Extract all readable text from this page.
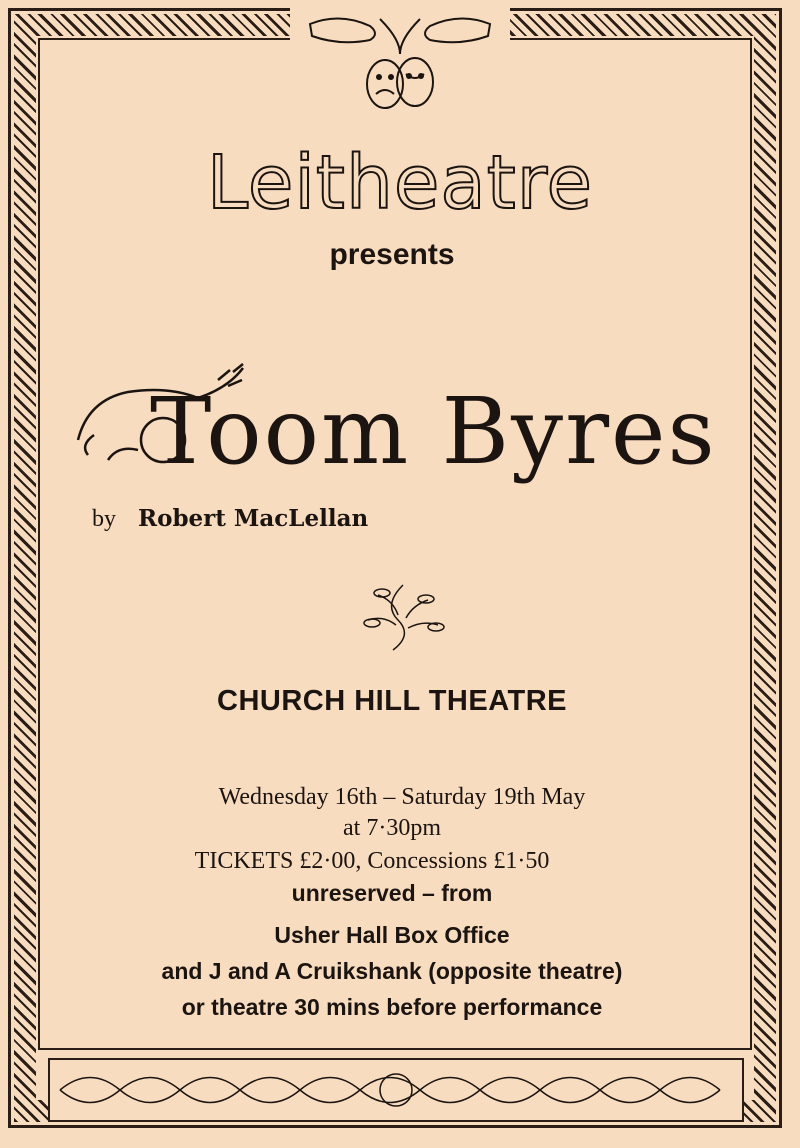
Leitheatre
presents
Toom Byres
by Robert MacLellan
CHURCH HILL THEATRE
Wednesday 16th – Saturday 19th May
at 7·30pm
TICKETS £2·00, Concessions £1·50
unreserved – from
Usher Hall Box Office
and J and A Cruikshank (opposite theatre)
or theatre 30 mins before performance
